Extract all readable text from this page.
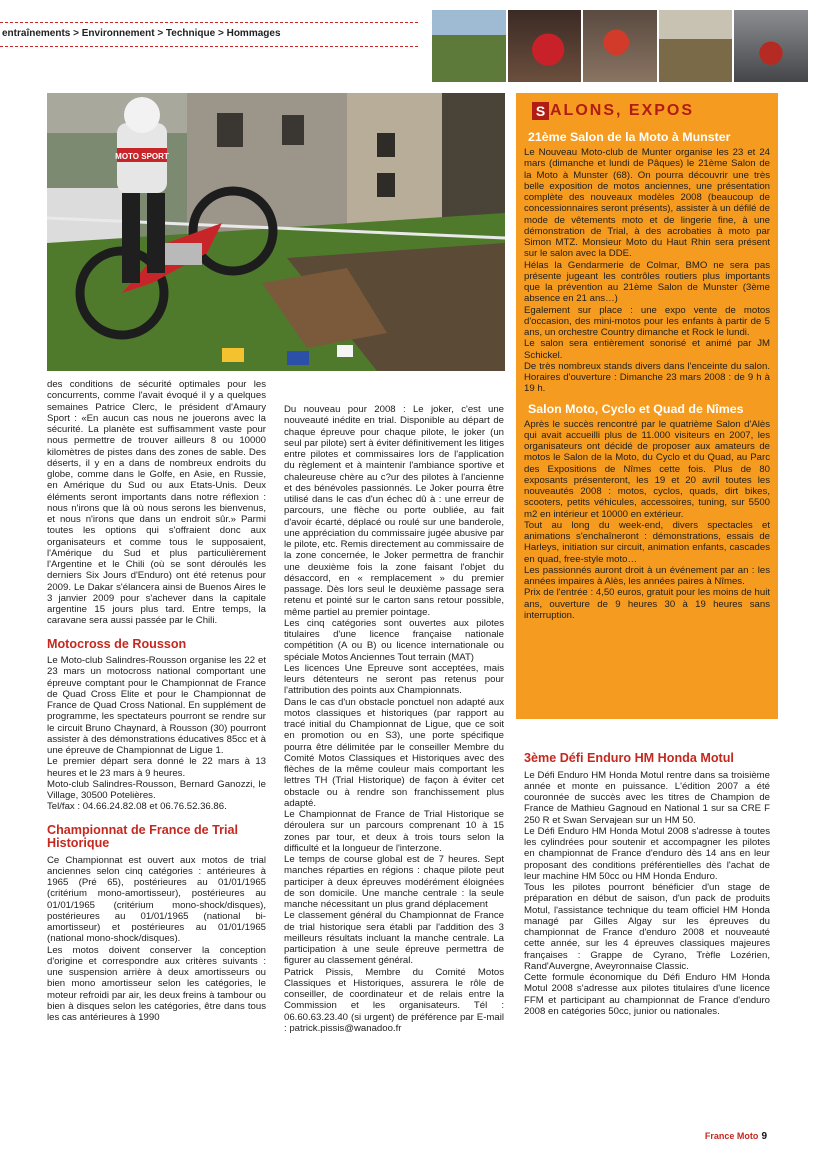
entraînements > Environnement > Technique > Hommages
MOTO SPORT

des conditions de sécurité optimales pour les concurrents, comme l'avait évoqué il y a quelques semaines Patrice Clerc, le président d'Amaury Sport : «En aucun cas nous ne jouerons avec la sécurité. La planète est suffisamment vaste pour nous permettre de trouver ailleurs 8 ou 10000 kilomètres de pistes dans des zones de sable. Des déserts, il y en a dans de nombreux endroits du globe, comme dans le Golfe, en Asie, en Russie, en Amérique du Sud ou aux Etats-Unis. Deux éléments seront importants dans notre réflexion : nous n'irons que là où nous serons les bienvenus, et nous n'irons que dans un endroit sûr.» Parmi toutes les options qui s'offraient donc aux organisateurs et comme tous le supposaient, l'Amérique du Sud et plus particulièrement l'Argentine et le Chili (où se sont déroulés les derniers Six Jours d'Enduro) ont été retenus pour 2009. Le Dakar s'élancera ainsi de Buenos Aires le 3 janvier 2009 pour s'achever dans la capitale argentine 15 jours plus tard. Entre temps, la caravane sera aussi passée par le Chili.

Motocross de Rousson

Le Moto-club Salindres-Rousson organise les 22 et 23 mars un motocross national comportant une épreuve comptant pour le Championnat de France de Quad Cross Elite et pour le Championnat de France de Quad Cross National. En supplément de programme, les spectateurs pourront se rendre sur le circuit Bruno Chaynard, à Rousson (30) pourront assister à des démonstrations éducatives 85cc et à une épreuve de Championnat de Ligue 1.

Le premier départ sera donné le 22 mars à 13 heures et le 23 mars à 9 heures.

Moto-club Salindres-Rousson, Bernard Ganozzi, le Village, 30500 Potelières.

Tel/fax : 04.66.24.82.08 et 06.76.52.36.86.

Championnat de France de Trial Historique

Ce Championnat est ouvert aux motos de trial anciennes selon cinq catégories : antérieures à 1965 (Pré 65), postérieures au 01/01/1965 (critérium mono-amortisseur), postérieures au 01/01/1965 (critérium mono-shock/disques), postérieures au 01/01/1965 (national bi-amortisseur) et postérieures au 01/01/1965 (national mono-shock/disques).

Les motos doivent conserver la conception d'origine et correspondre aux critères suivants : une suspension arrière à deux amortisseurs ou bien mono amortisseur selon les catégories, le moteur refroidi par air, les deux freins à tambour ou bien à disques selon les catégories, être dans tous les cas antérieures à 1990

Du nouveau pour 2008 : Le joker, c'est une nouveauté inédite en trial. Disponible au départ de chaque épreuve pour chaque pilote, le joker (un seul par pilote) sert à éviter définitivement les litiges entre pilotes et commissaires lors de l'application du règlement et à maintenir l'ambiance sportive et chaleureuse chère au c?ur des pilotes à l'ancienne et des bénévoles passionnés. Le Joker pourra être utilisé dans le cas d'un échec dû à : une erreur de parcours, une flèche ou porte oubliée, au fait d'avoir écarté, déplacé ou roulé sur une banderole, une appréciation du commissaire jugée abusive par le pilote, etc. Remis directement au commissaire de la zone concernée, le Joker permettra de franchir une deuxième fois la zone faisant l'objet du désaccord, en « remplacement » du premier passage. Dès lors seul le deuxième passage sera retenu et pointé sur le carton sans retour possible, même partiel au premier pointage.

Les cinq catégories sont ouvertes aux pilotes titulaires d'une licence française nationale compétition (A ou B) ou licence internationale ou spéciale Motos Anciennes Tout terrain (MAT)

Les licences Une Epreuve sont acceptées, mais leurs détenteurs ne seront pas retenus pour l'attribution des points aux Championnats.

Dans le cas d'un obstacle ponctuel non adapté aux motos classiques et historiques (par rapport au tracé initial du Championnat de Ligue, que ce soit en promotion ou en S3), une porte spécifique pourra être délimitée par le conseiller Membre du Comité Motos Classiques et Historiques avec des flèches de la même couleur mais comportant les lettres TH (Trial Historique) de façon à éviter cet obstacle ou à rendre son franchissement plus adapté.

Le Championnat de France de Trial Historique se déroulera sur un parcours comprenant 10 à 15 zones par tour, et deux à trois tours selon la difficulté et la longueur de l'interzone.

Le temps de course global est de 7 heures. Sept manches réparties en régions : chaque pilote peut participer à deux épreuves modérément éloignées de son domicile. Une manche centrale : la seule manche nécessitant un plus grand déplacement

Le classement général du Championnat de France de trial historique sera établi par l'addition des 3 meilleurs résultats incluant la manche centrale. La participation à une seule épreuve permettra de figurer au classement général.

Patrick Pissis, Membre du Comité Motos Classiques et Historiques, assurera le rôle de conseiller, de coordinateur et de relais entre la Commission et les organisateurs. Tél : 06.60.63.23.40 (si urgent) de préférence par E-mail : patrick.pissis@wanadoo.fr

S ALONS, EXPOS
21ème Salon de la Moto à Munster

Le Nouveau Moto-club de Munter organise les 23 et 24 mars (dimanche et lundi de Pâques) le 21ème Salon de la Moto à Munster (68). On pourra découvrir une très belle exposition de motos anciennes, une présentation complète des nouveaux modèles 2008 (beaucoup de concessionnaires seront présents), assister à un défilé de mode de vêtements moto et de lingerie fine, à une démonstration de Trial, à des acrobaties à moto par Simon MTZ. Monsieur Moto du Haut Rhin sera présent sur le salon avec la DDE.

Hélas la Gendarmerie de Colmar, BMO ne sera pas présente jugeant les contrôles routiers plus importants que la prévention au 21ème Salon de Munster (3ème absence en 21 ans…)

Egalement sur place : une expo vente de motos d'occasion, des mini-motos pour les enfants à partir de 5 ans, un orchestre Country dimanche et Rock le lundi.

Le salon sera entièrement sonorisé et animé par JM Schickel.

De très nombreux stands divers dans l'enceinte du salon. Horaires d'ouverture : Dimanche 23 mars 2008 : de 9 h à 19 h.

Salon Moto, Cyclo et Quad de Nîmes

Après le succès rencontré par le quatrième Salon d'Alès qui avait accueilli plus de 11.000 visiteurs en 2007, les organisateurs ont décidé de proposer aux amateurs de motos le Salon de la Moto, du Cyclo et du Quad, au Parc des Expositions de Nîmes cette fois. Plus de 80 exposants présenteront, les 19 et 20 avril toutes les nouveautés 2008 : motos, cyclos, quads, dirt bikes, scooters, petits véhicules, accessoires, tuning, sur 5500 m2 en intérieur et 10000 en extérieur.

Tout au long du week-end, divers spectacles et animations s'enchaîneront : démonstrations, essais de Harleys, initiation sur circuit, animation enfants, cascades en quad, free-style moto…

Les passionnés auront droit à un événement par an : les années impaires à Alès, les années paires à Nîmes.

Prix de l'entrée : 4,50 euros, gratuit pour les moins de huit ans, ouverture de 9 heures 30 à 19 heures sans interruption.

3ème Défi Enduro HM Honda Motul

Le Défi Enduro HM Honda Motul rentre dans sa troisième année et monte en puissance. L'édition 2007 a été couronnée de succès avec les titres de Champion de France de Mathieu Gagnoud en National 1 sur sa CRE F 250 R et Swan Servajean sur un HM 50.

Le Défi Enduro HM Honda Motul 2008 s'adresse à toutes les cylindrées pour soutenir et accompagner les pilotes en championnat de France d'enduro dès 14 ans en leur proposant des conditions préférentielles dès l'achat de leur machine HM 50cc ou HM Honda Enduro.

Tous les pilotes pourront bénéficier d'un stage de préparation en début de saison, d'un pack de produits Motul, l'assistance technique du team officiel HM Honda managé par Gilles Algay sur les épreuves du championnat de France d'enduro 2008 et nouveauté cette année, sur les 4 épreuves classiques majeures françaises : Grappe de Cyrano, Trèfle Lozérien, Rand'Auvergne, Aveyronnaise Classic.

Cette formule économique du Défi Enduro HM Honda Motul 2008 s'adresse aux pilotes titulaires d'une licence FFM et participant au championnat de France d'enduro 2008 en catégories 50cc, junior ou nationales.

France Moto 9
